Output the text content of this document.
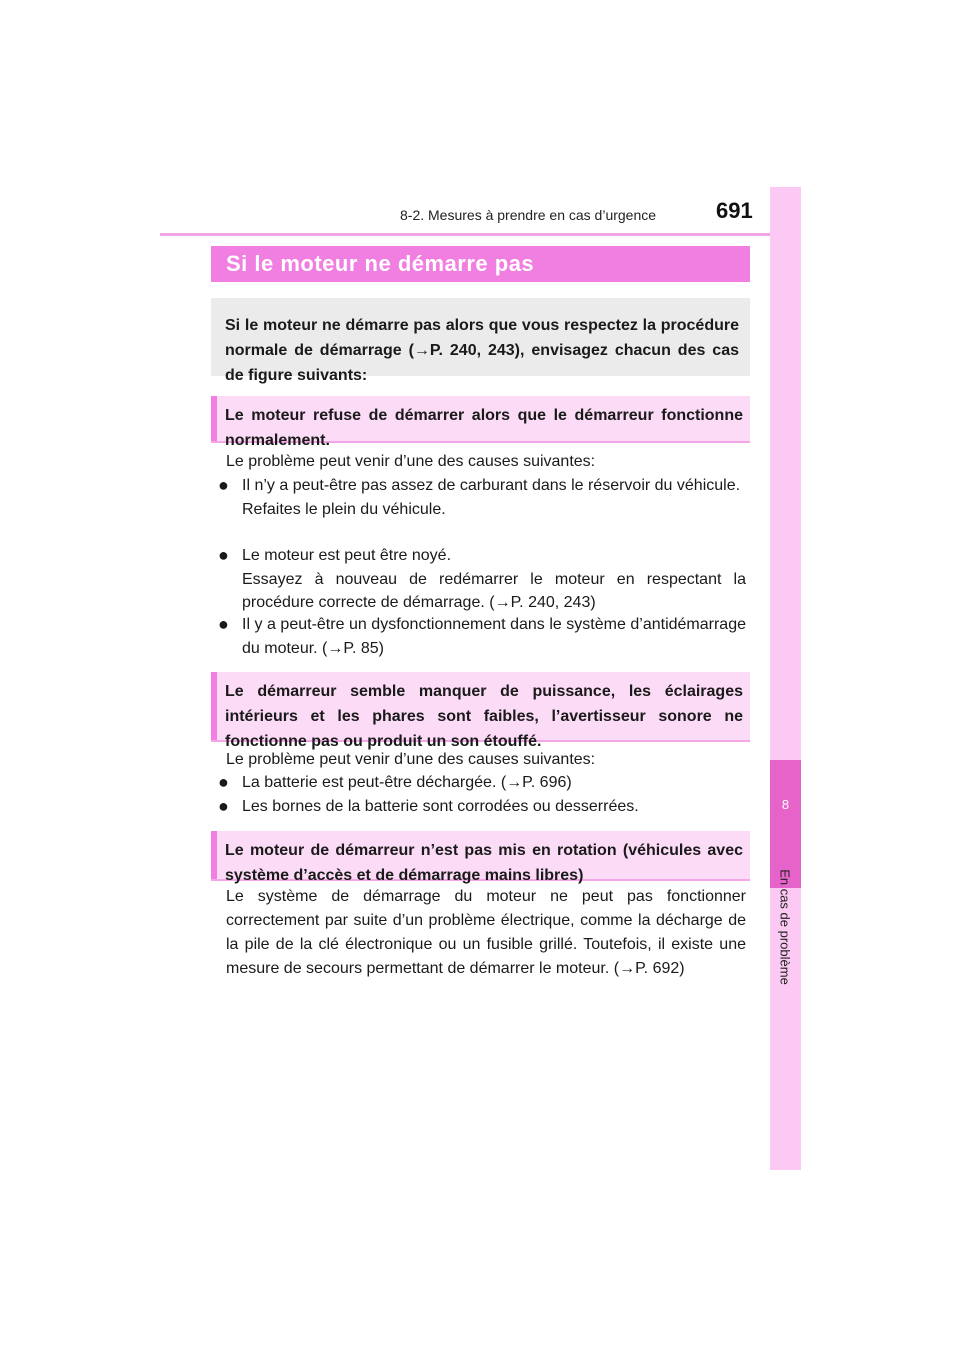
8-2. Mesures à prendre en cas d’urgence	691
8
En cas de problème
Si le moteur ne démarre pas
Si le moteur ne démarre pas alors que vous respectez la procédure normale de démarrage (→P. 240, 243), envisagez chacun des cas de figure suivants:
Le moteur refuse de démarrer alors que le démarreur fonctionne normalement.
Le problème peut venir d’une des causes suivantes:
● Il n’y a peut-être pas assez de carburant dans le réservoir du véhicule.
Refaites le plein du véhicule.
● Le moteur est peut être noyé.
Essayez à nouveau de redémarrer le moteur en respectant la procédure correcte de démarrage. (→P. 240, 243)
● Il y a peut-être un dysfonctionnement dans le système d’antidémarrage du moteur. (→P. 85)
Le démarreur semble manquer de puissance, les éclairages intérieurs et les phares sont faibles, l’avertisseur sonore ne fonctionne pas ou produit un son étouffé.
Le problème peut venir d’une des causes suivantes:
● La batterie est peut-être déchargée. (→P. 696)
● Les bornes de la batterie sont corrodées ou desserrées.
Le moteur de démarreur n’est pas mis en rotation (véhicules avec système d’accès et de démarrage mains libres)
Le système de démarrage du moteur ne peut pas fonctionner correctement par suite d’un problème électrique, comme la décharge de la pile de la clé électronique ou un fusible grillé. Toutefois, il existe une mesure de secours permettant de démarrer le moteur. (→P. 692)
